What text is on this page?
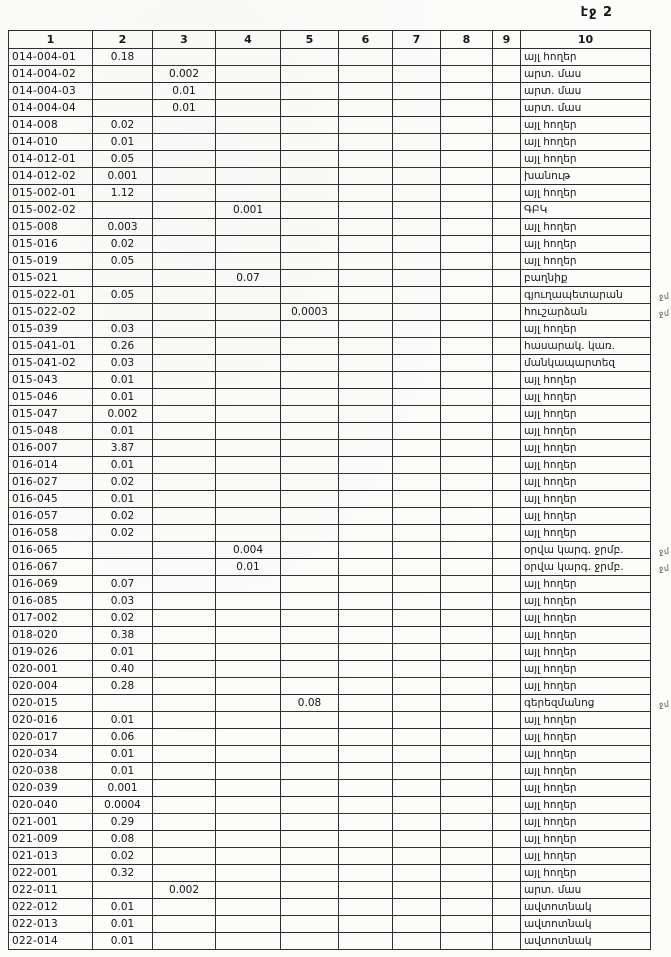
էջ 2
1	2	3	4	5	6	7	8	9	10
014-004-01	0.18								այլ հողեր
014-004-02		0.002							արտ. մաս
014-004-03		0.01							արտ. մաս
014-004-04		0.01							արտ. մաս
014-008	0.02								այլ հողեր
014-010	0.01								այլ հողեր
014-012-01	0.05								այլ հողեր
014-012-02	0.001								խանութ
015-002-01	1.12								այլ հողեր
015-002-02			0.001						ԳԲԿ
015-008	0.003								այլ հողեր
015-016	0.02								այլ հողեր
015-019	0.05								այլ հողեր
015-021			0.07						բաղնիք
015-022-01	0.05								գյուղապետարան ջմ

015-022-02				0.0003					հուշարձան ջմ

015-039	0.03								այլ հողեր
015-041-01	0.26								հասարակ. կառ.
015-041-02	0.03								մանկապարտեզ
015-043	0.01								այլ հողեր
015-046	0.01								այլ հողեր
015-047	0.002								այլ հողեր
015-048	0.01								այլ հողեր
016-007	3.87								այլ հողեր
016-014	0.01								այլ հողեր
016-027	0.02								այլ հողեր
016-045	0.01								այլ հողեր
016-057	0.02								այլ հողեր
016-058	0.02								այլ հողեր
016-065			0.004						օրվա կարգ. ջրմբ. ջմ

016-067			0.01						օրվա կարգ. ջրմբ. ջմ

016-069	0.07								այլ հողեր
016-085	0.03								այլ հողեր
017-002	0.02								այլ հողեր
018-020	0.38								այլ հողեր
019-026	0.01								այլ հողեր
020-001	0.40								այլ հողեր
020-004	0.28								այլ հողեր
020-015				0.08					գերեզմանոց ջմ

020-016	0.01								այլ հողեր
020-017	0.06								այլ հողեր
020-034	0.01								այլ հողեր
020-038	0.01								այլ հողեր
020-039	0.001								այլ հողեր
020-040	0.0004								այլ հողեր
021-001	0.29								այլ հողեր
021-009	0.08								այլ հողեր
021-013	0.02								այլ հողեր
022-001	0.32								այլ հողեր
022-011		0.002							արտ. մաս
022-012	0.01								ավտոտնակ
022-013	0.01								ավտոտնակ
022-014	0.01								ավտոտնակ
